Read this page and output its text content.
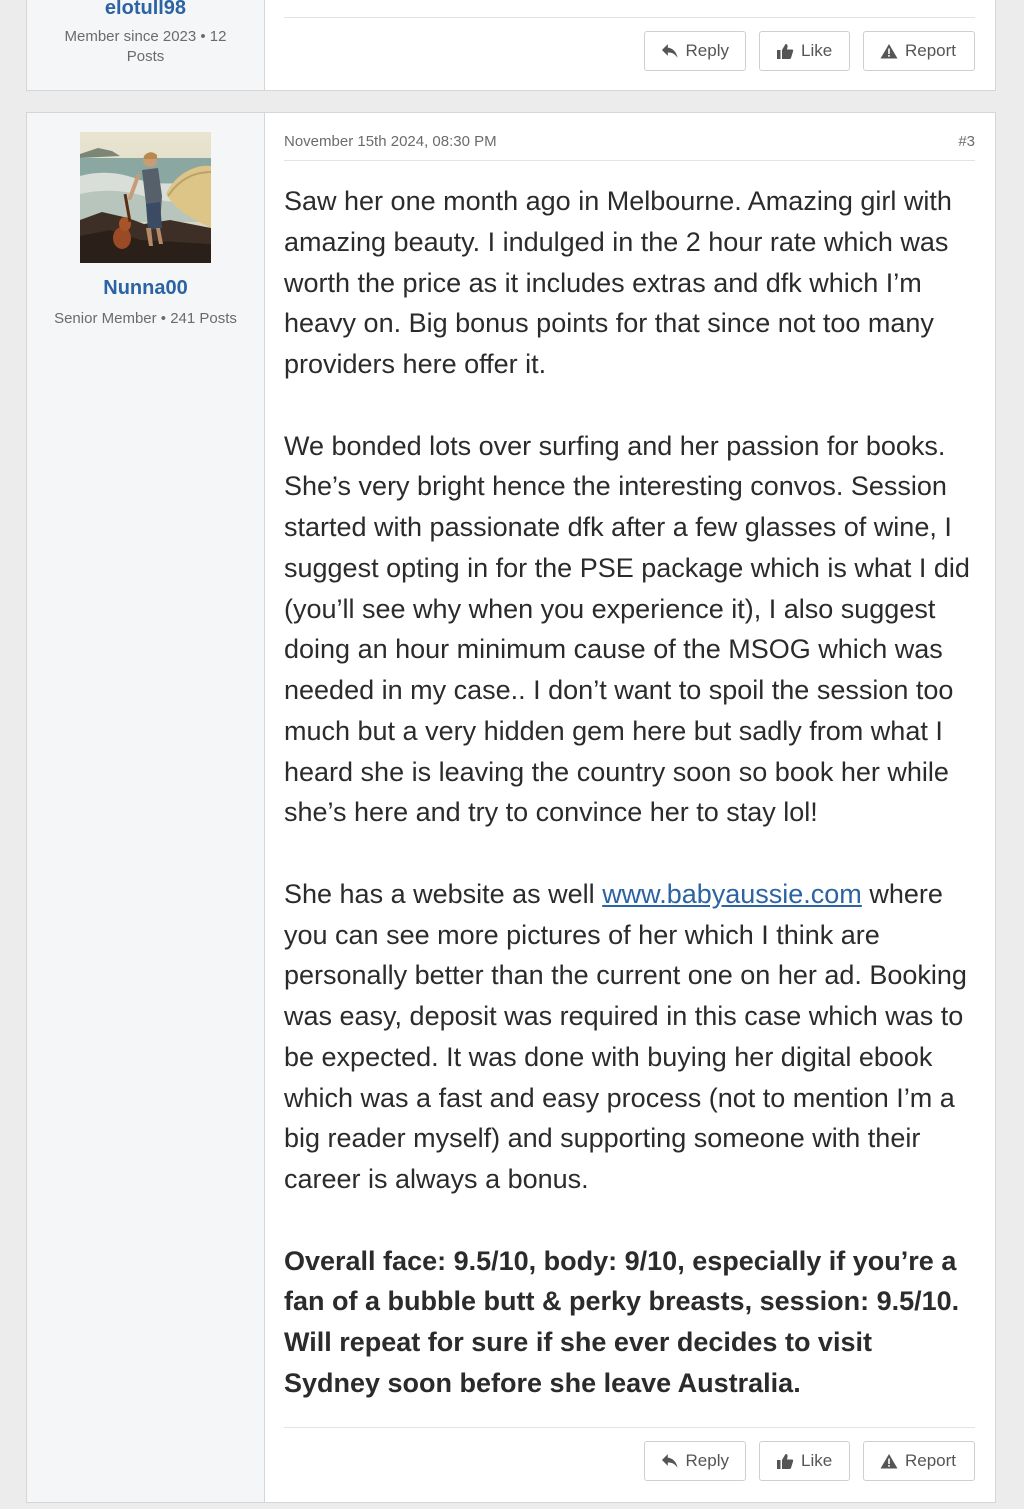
elotull98
Member since 2023 • 12 Posts	Reply	Like	Report
Nunna00
Senior Member • 241 Posts
November 15th 2024, 08:30 PM	#3

Saw her one month ago in Melbourne. Amazing girl with amazing beauty. I indulged in the 2 hour rate which was worth the price as it includes extras and dfk which I’m heavy on. Big bonus points for that since not too many providers here offer it.

We bonded lots over surfing and her passion for books. She’s very bright hence the interesting convos. Session started with passionate dfk after a few glasses of wine, I suggest opting in for the PSE package which is what I did (you’ll see why when you experience it), I also suggest doing an hour minimum cause of the MSOG which was needed in my case.. I don’t want to spoil the session too much but a very hidden gem here but sadly from what I heard she is leaving the country soon so book her while she’s here and try to convince her to stay lol!

She has a website as well www.babyaussie.com where you can see more pictures of her which I think are personally better than the current one on her ad. Booking was easy, deposit was required in this case which was to be expected. It was done with buying her digital ebook which was a fast and easy process (not to mention I’m a big reader myself) and supporting someone with their career is always a bonus.

Overall face: 9.5/10, body: 9/10, especially if you’re a fan of a bubble butt & perky breasts, session: 9.5/10. Will repeat for sure if she ever decides to visit Sydney soon before she leave Australia.

Reply	Like	Report
